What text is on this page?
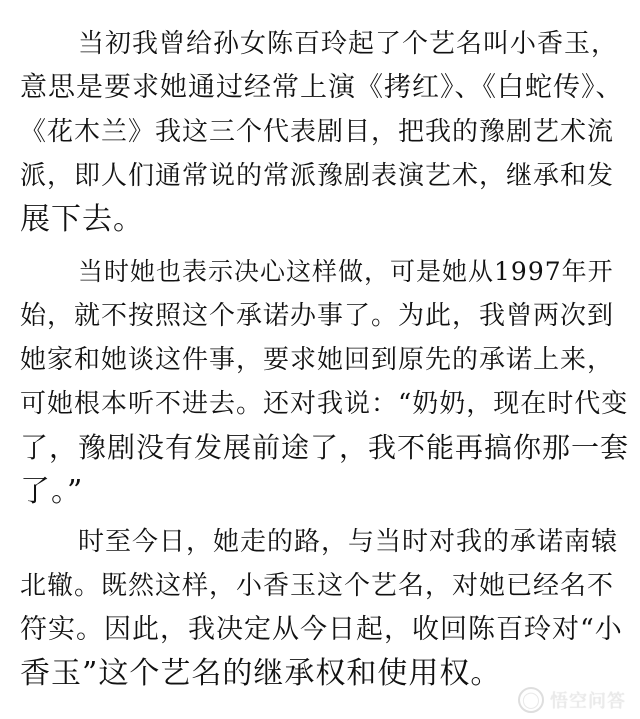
当初我曾给孙女陈百玲起了个艺名叫小香玉，
意思是要求她通过经常上演《拷红》、《白蛇传》、
《花木兰》我这三个代表剧目，把我的豫剧艺术流
派，即人们通常说的常派豫剧表演艺术，继承和发
展下去。
当时她也表示决心这样做，可是她从1997年开
始，就不按照这个承诺办事了。为此，我曾两次到
她家和她谈这件事，要求她回到原先的承诺上来，
可她根本听不进去。还对我说：“奶奶，现在时代变
了，豫剧没有发展前途了，我不能再搞你那一套
了。”
时至今日，她走的路，与当时对我的承诺南辕
北辙。既然这样，小香玉这个艺名，对她已经名不
符实。因此，我决定从今日起，收回陈百玲对“小
香玉”这个艺名的继承权和使用权。
◯ 悟空问答
